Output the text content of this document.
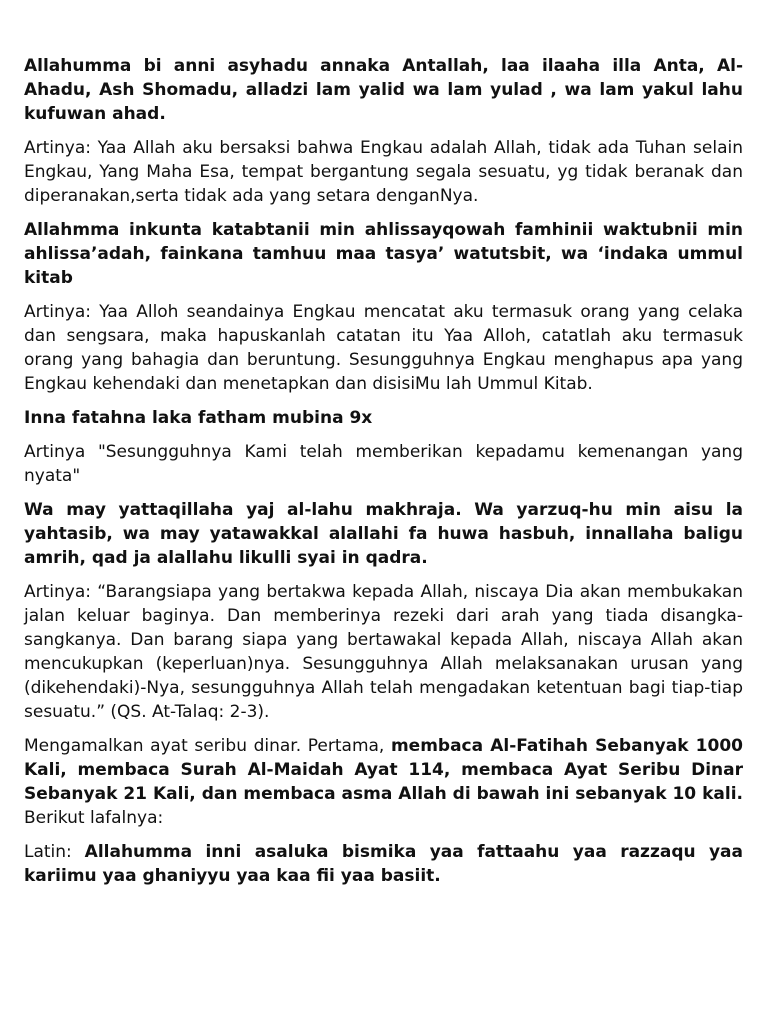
Allahumma bi anni asyhadu annaka Antallah, laa ilaaha illa Anta, Al-Ahadu, Ash Shomadu, alladzi lam yalid wa lam yulad , wa lam yakul lahu kufuwan ahad.

Artinya: Yaa Allah aku bersaksi bahwa Engkau adalah Allah, tidak ada Tuhan selain Engkau, Yang Maha Esa, tempat bergantung segala sesuatu, yg tidak beranak dan diperanakan,serta tidak ada yang setara denganNya.

Allahmma inkunta katabtanii min ahlissayqowah famhinii waktubnii min ahlissa’adah, fainkana tamhuu maa tasya’ watutsbit, wa ‘indaka ummul kitab

Artinya: Yaa Alloh seandainya Engkau mencatat aku termasuk orang yang celaka dan sengsara, maka hapuskanlah catatan itu Yaa Alloh, catatlah aku termasuk orang yang bahagia dan beruntung. Sesungguhnya Engkau menghapus apa yang Engkau kehendaki dan menetapkan dan disisiMu lah Ummul Kitab.

Inna fatahna laka fatham mubina 9x

Artinya "Sesungguhnya Kami telah memberikan kepadamu kemenangan yang nyata"

Wa may yattaqillaha yaj al-lahu makhraja. Wa yarzuq-hu min aisu la yahtasib, wa may yatawakkal alallahi fa huwa hasbuh, innallaha baligu amrih, qad ja alallahu likulli syai in qadra.

Artinya: “Barangsiapa yang bertakwa kepada Allah, niscaya Dia akan membukakan jalan keluar baginya. Dan memberinya rezeki dari arah yang tiada disangka-sangkanya. Dan barang siapa yang bertawakal kepada Allah, niscaya Allah akan mencukupkan (keperluan)nya. Sesungguhnya Allah melaksanakan urusan yang (dikehendaki)-Nya, sesungguhnya Allah telah mengadakan ketentuan bagi tiap-tiap sesuatu.” (QS. At-Talaq: 2-3).

Mengamalkan ayat seribu dinar. Pertama, membaca Al-Fatihah Sebanyak 1000 Kali, membaca Surah Al-Maidah Ayat 114, membaca Ayat Seribu Dinar Sebanyak 21 Kali, dan membaca asma Allah di bawah ini sebanyak 10 kali. Berikut lafalnya:

Latin: Allahumma inni asaluka bismika yaa fattaahu yaa razzaqu yaa kariimu yaa ghaniyyu yaa kaa fii yaa basiit.
